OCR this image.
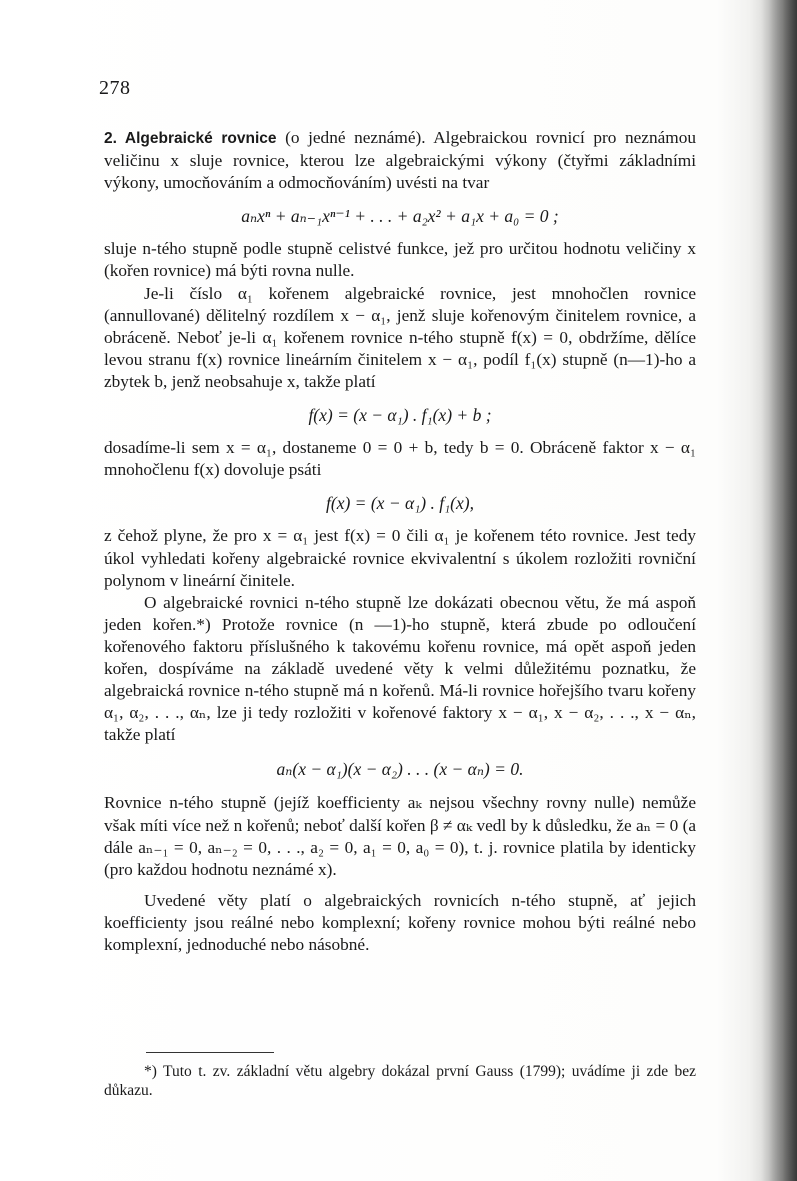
278

2. Algebraické rovnice (o jedné neznámé). Algebraickou rovnicí pro neznámou veličinu x sluje rovnice, kterou lze algebraickými výkony (čtyřmi základními výkony, umocňováním a odmocňováním) uvésti na tvar

aₙxⁿ + aₙ₋₁xⁿ⁻¹ + . . . + a₂x² + a₁x + a₀ = 0 ;

sluje n-tého stupně podle stupně celistvé funkce, jež pro určitou hodnotu veličiny x (kořen rovnice) má býti rovna nulle.

Je-li číslo α₁ kořenem algebraické rovnice, jest mnohočlen rovnice (annullované) dělitelný rozdílem x − α₁, jenž sluje kořenovým činitelem rovnice, a obráceně. Neboť je-li α₁ kořenem rovnice n-tého stupně f(x) = 0, obdržíme, dělíce levou stranu f(x) rovnice lineárním činitelem x − α₁, podíl f₁(x) stupně (n—1)-ho a zbytek b, jenž neobsahuje x, takže platí

f(x) = (x − α₁) . f₁(x) + b ;

dosadíme-li sem x = α₁, dostaneme 0 = 0 + b, tedy b = 0. Obráceně faktor x − α₁ mnohočlenu f(x) dovoluje psáti

f(x) = (x − α₁) . f₁(x),

z čehož plyne, že pro x = α₁ jest f(x) = 0 čili α₁ je kořenem této rovnice. Jest tedy úkol vyhledati kořeny algebraické rovnice ekvivalentní s úkolem rozložiti rovniční polynom v lineární činitele.

O algebraické rovnici n-tého stupně lze dokázati obecnou větu, že má aspoň jeden kořen.*) Protože rovnice (n —1)-ho stupně, která zbude po odloučení kořenového faktoru příslušného k takovému kořenu rovnice, má opět aspoň jeden kořen, dospíváme na základě uvedené věty k velmi důležitému poznatku, že algebraická rovnice n-tého stupně má n kořenů. Má-li rovnice hořejšího tvaru kořeny α₁, α₂, . . ., αₙ, lze ji tedy rozložiti v kořenové faktory x − α₁, x − α₂, . . ., x − αₙ, takže platí

aₙ(x − α₁)(x − α₂) . . . (x − αₙ) = 0.

Rovnice n-tého stupně (jejíž koefficienty aₖ nejsou všechny rovny nulle) nemůže však míti více než n kořenů; neboť další kořen β ≠ αₖ vedl by k důsledku, že aₙ = 0 (a dále aₙ₋₁ = 0, aₙ₋₂ = 0, . . ., a₂ = 0, a₁ = 0, a₀ = 0), t. j. rovnice platila by identicky (pro každou hodnotu neznámé x).

Uvedené věty platí o algebraických rovnicích n-tého stupně, ať jejich koefficienty jsou reálné nebo komplexní; kořeny rovnice mohou býti reálné nebo komplexní, jednoduché nebo násobné.

*) Tuto t. zv. základní větu algebry dokázal první Gauss (1799); uvádíme ji zde bez důkazu.
